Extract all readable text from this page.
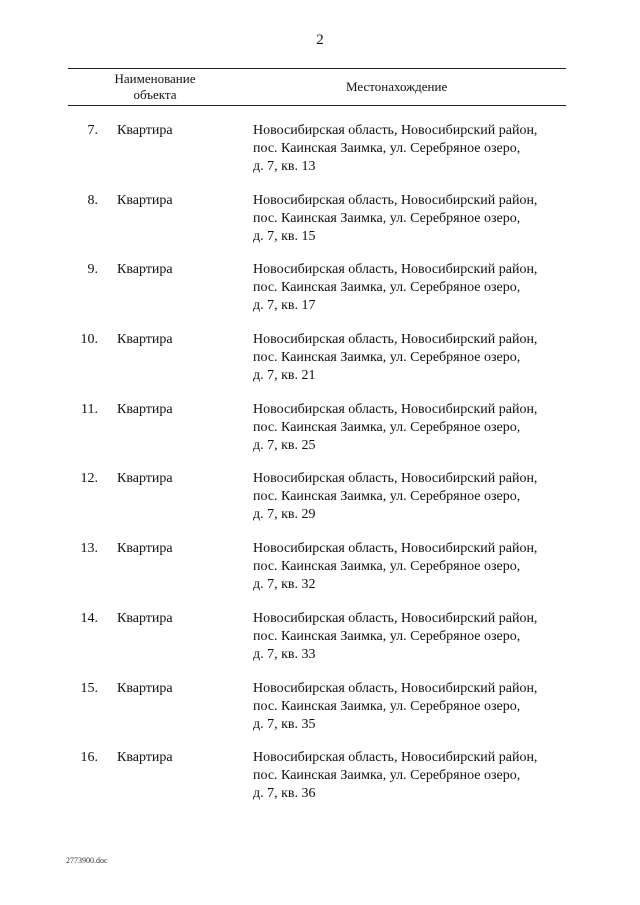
2
Наименование
объекта
Местонахождение
7. Квартира	Новосибирская область, Новосибирский район,
пос. Каинская Заимка, ул. Серебряное озеро,
д. 7, кв. 13
8. Квартира	Новосибирская область, Новосибирский район,
пос. Каинская Заимка, ул. Серебряное озеро,
д. 7, кв. 15
9. Квартира	Новосибирская область, Новосибирский район,
пос. Каинская Заимка, ул. Серебряное озеро,
д. 7, кв. 17
10. Квартира	Новосибирская область, Новосибирский район,
пос. Каинская Заимка, ул. Серебряное озеро,
д. 7, кв. 21
11. Квартира	Новосибирская область, Новосибирский район,
пос. Каинская Заимка, ул. Серебряное озеро,
д. 7, кв. 25
12. Квартира	Новосибирская область, Новосибирский район,
пос. Каинская Заимка, ул. Серебряное озеро,
д. 7, кв. 29
13. Квартира	Новосибирская область, Новосибирский район,
пос. Каинская Заимка, ул. Серебряное озеро,
д. 7, кв. 32
14. Квартира	Новосибирская область, Новосибирский район,
пос. Каинская Заимка, ул. Серебряное озеро,
д. 7, кв. 33
15. Квартира	Новосибирская область, Новосибирский район,
пос. Каинская Заимка, ул. Серебряное озеро,
д. 7, кв. 35
16. Квартира	Новосибирская область, Новосибирский район,
пос. Каинская Заимка, ул. Серебряное озеро,
д. 7, кв. 36
2773900.doc
